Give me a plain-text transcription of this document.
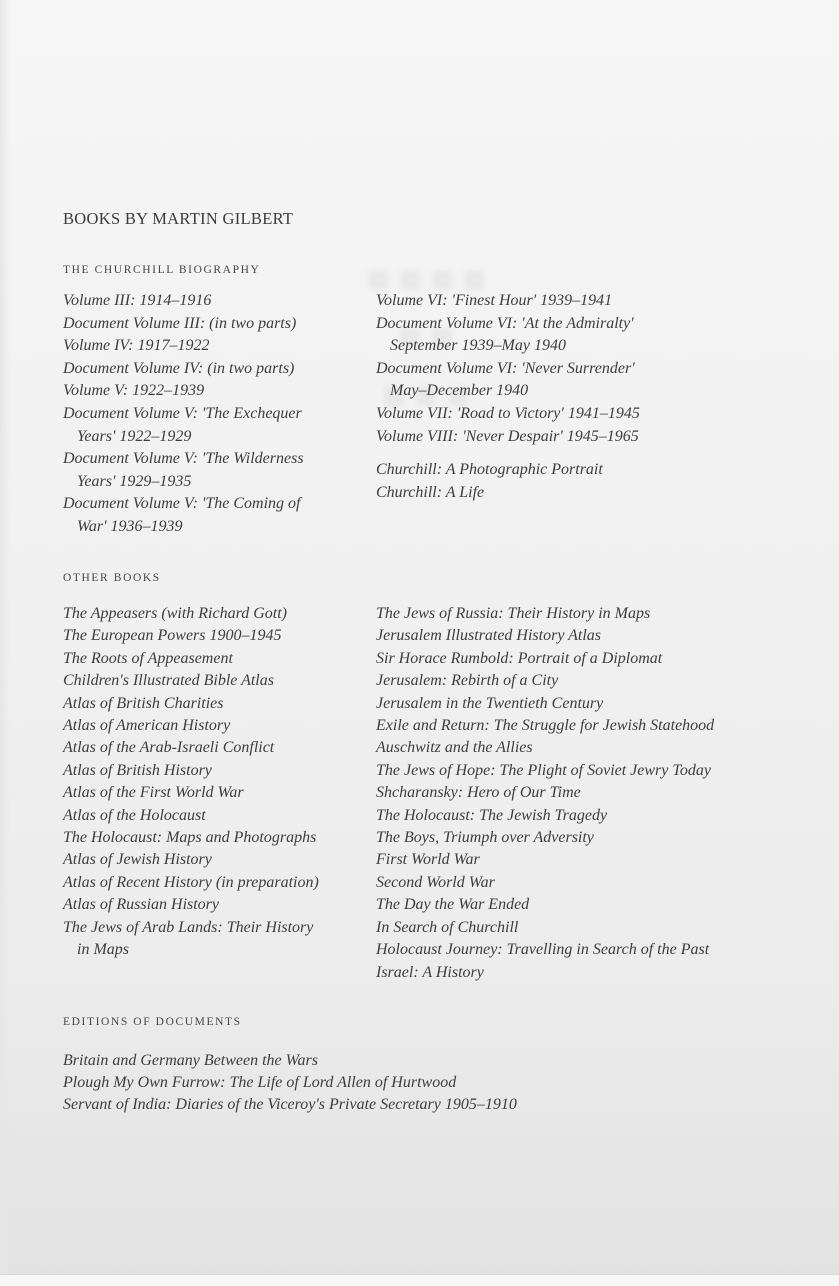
BOOKS BY MARTIN GILBERT
THE CHURCHILL BIOGRAPHY
Volume III: 1914–1916
Document Volume III: (in two parts)
Volume IV: 1917–1922
Document Volume IV: (in two parts)
Volume V: 1922–1939
Document Volume V: 'The Exchequer
Years' 1922–1929
Document Volume V: 'The Wilderness
Years' 1929–1935
Document Volume V: 'The Coming of
War' 1936–1939
Volume VI: 'Finest Hour' 1939–1941
Document Volume VI: 'At the Admiralty'
September 1939–May 1940
Document Volume VI: 'Never Surrender'
May–December 1940
Volume VII: 'Road to Victory' 1941–1945
Volume VIII: 'Never Despair' 1945–1965
Churchill: A Photographic Portrait
Churchill: A Life
OTHER BOOKS
The Appeasers (with Richard Gott)
The European Powers 1900–1945
The Roots of Appeasement
Children's Illustrated Bible Atlas
Atlas of British Charities
Atlas of American History
Atlas of the Arab-Israeli Conflict
Atlas of British History
Atlas of the First World War
Atlas of the Holocaust
The Holocaust: Maps and Photographs
Atlas of Jewish History
Atlas of Recent History (in preparation)
Atlas of Russian History
The Jews of Arab Lands: Their History
in Maps
The Jews of Russia: Their History in Maps
Jerusalem Illustrated History Atlas
Sir Horace Rumbold: Portrait of a Diplomat
Jerusalem: Rebirth of a City
Jerusalem in the Twentieth Century
Exile and Return: The Struggle for Jewish Statehood
Auschwitz and the Allies
The Jews of Hope: The Plight of Soviet Jewry Today
Shcharansky: Hero of Our Time
The Holocaust: The Jewish Tragedy
The Boys, Triumph over Adversity
First World War
Second World War
The Day the War Ended
In Search of Churchill
Holocaust Journey: Travelling in Search of the Past
Israel: A History
EDITIONS OF DOCUMENTS
Britain and Germany Between the Wars
Plough My Own Furrow: The Life of Lord Allen of Hurtwood
Servant of India: Diaries of the Viceroy's Private Secretary 1905–1910
